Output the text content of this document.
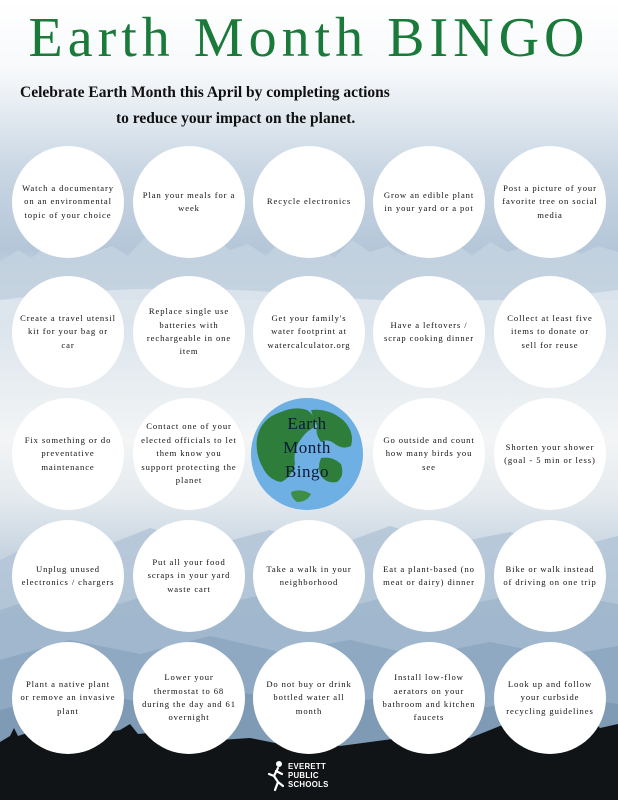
Earth Month BINGO

Celebrate Earth Month this April by completing actions
to reduce your impact on the planet.

Watch a documentary on an environmental topic of your choice
Plan your meals for a week
Recycle electronics
Grow an edible plant in your yard or a pot
Post a picture of your favorite tree on social media
Create a travel utensil kit for your bag or car
Replace single use batteries with rechargeable in one item
Get your family's water footprint at watercalculator.org
Have a leftovers / scrap cooking dinner
Collect at least five items to donate or sell for reuse
Fix something or do preventative maintenance
Contact one of your elected officials to let them know you support protecting the planet
Earth
Month
Bingo
Go outside and count how many birds you see
Shorten your shower (goal - 5 min or less)
Unplug unused electronics / chargers
Put all your food scraps in your yard waste cart
Take a walk in your neighborhood
Eat a plant-based (no meat or dairy) dinner
Bike or walk instead of driving on one trip
Plant a native plant or remove an invasive plant
Lower your thermostat to 68 during the day and 61 overnight
Do not buy or drink bottled water all month
Install low-flow aerators on your bathroom and kitchen faucets
Look up and follow your curbside recycling guidelines
EVERETT
PUBLIC
SCHOOLS
